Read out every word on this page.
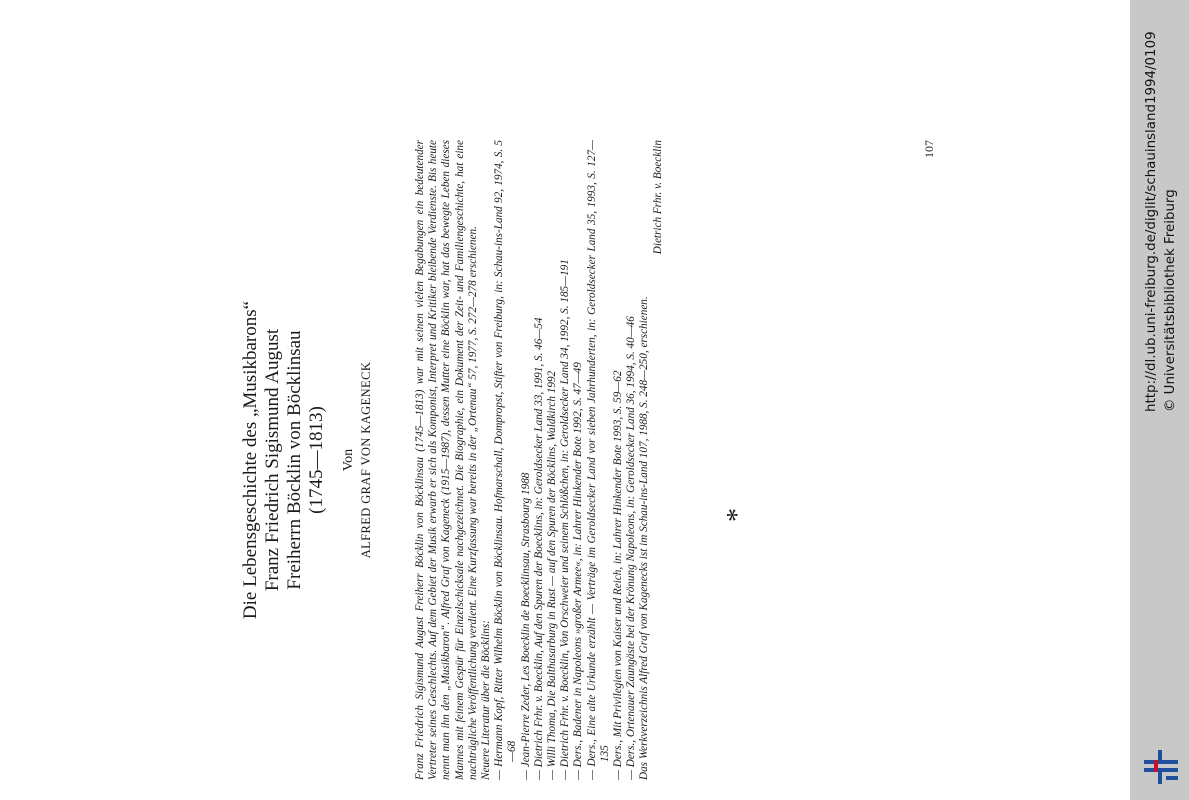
Die Lebensgeschichte des „Musikbarons“ Franz Friedrich Sigismund August Freiherrn Böcklin von Böcklinsau (1745—1813) Von ALFRED GRAF VON KAGENECK	Franz Friedrich Sigismund August Freiherr Böcklin von Böcklinsau (1745—1813) war mit seinen vielen Begabungen ein bedeutender Vertreter seines Geschlechts. Auf dem Gebiet der Musik erwarb er sich als Komponist, Interpret und Kritiker bleibende Verdienste. Bis heute nennt man ihn den „Musikbaron“. Alfred Graf von Kageneck (1915—1987), dessen Mutter eine Böcklin war, hat das bewegte Leben dieses Mannes mit feinem Gespür für Einzelschicksale nachgezeichnet. Die Biographie, ein Dokument der Zeit- und Familiengeschichte, hat eine nachträgliche Veröffentlichung verdient. Eine Kurzfassung war bereits in der „Ortenau“ 57, 1977, S. 272—278 erschienen. Neuere Literatur über die Böcklins: — Hermann Kopf, Ritter Wilhelm Böcklin von Böcklinsau. Hofmarschall, Dompropst, Stifter von Freiburg, in: Schau-ins-Land 92, 1974, S. 5—68 — Jean-Pierre Zeder, Les Boecklin de Boecklinsau, Strasbourg 1988 — Dietrich Frhr. v. Boecklin, Auf den Spuren der Boecklins, in: Geroldsecker Land 33, 1991, S. 46—54 — Willi Thoma, Die Balthasarburg in Rust — auf den Spuren der Böcklins, Waldkirch 1992 — Dietrich Frhr. v. Boecklin, Von Orschweier und seinem Schlößchen, in: Geroldsecker Land 34, 1992, S. 185—191 — Ders., Badener in Napoleons »großer Armee«, in: Lahrer Hinkender Bote 1992, S. 47—49 — Ders., Eine alte Urkunde erzählt — Verträge im Geroldsecker Land vor sieben Jahrhunderten, in: Geroldsecker Land 35, 1993, S. 127—135 — Ders., Mit Privilegien von Kaiser und Reich, in: Lahrer Hinkender Bote 1993, S. 59—62 — Ders., Ortenauer Zaungäste bei der Krönung Napoleons, in: Geroldsecker Land 36, 1994, S. 40—46 Das Werkverzeichnis Alfred Graf von Kagenecks ist im Schau-ins-Land 107, 1988, S. 248—250, erschienen.

Dietrich Frhr. v. Boecklin

*
107	http://dl.ub.uni-freiburg.de/diglit/schauinsland1994/0109 © Universitätsbibliothek Freiburg
